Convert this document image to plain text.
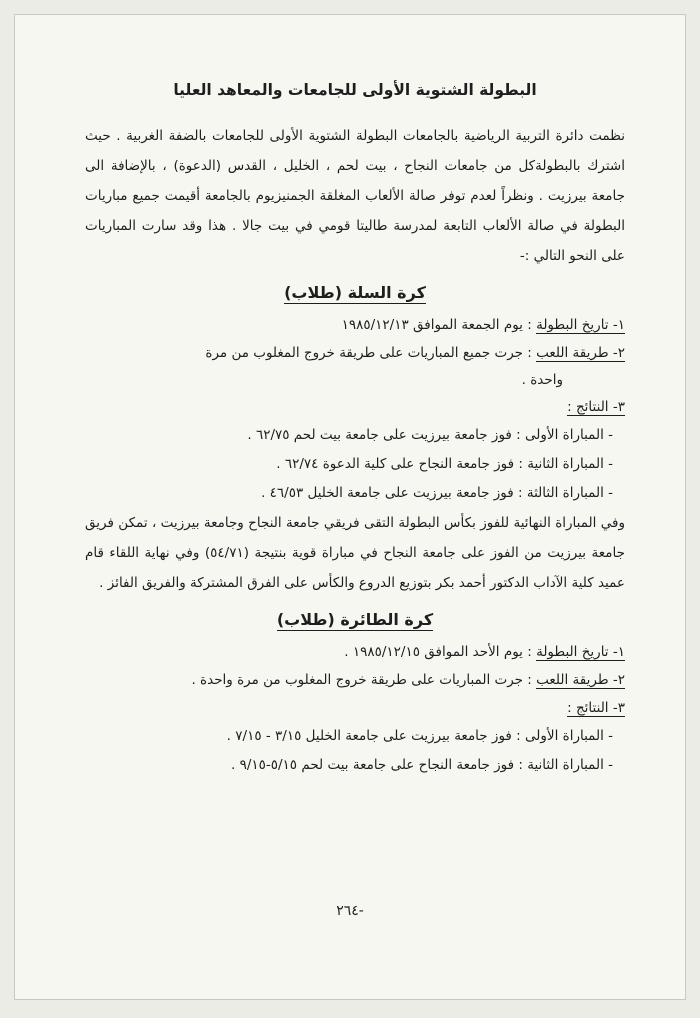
البطولة الشتوية الأولى للجامعات والمعاهد العليا

نظمت دائرة التربية الرياضية بالجامعات البطولة الشتوية الأولى للجامعات بالضفة الغربية . حيث اشترك بالبطولةكل من جامعات النجاح ، بيت لحم ، الخليل ، القدس (الدعوة) ، بالإضافة الى جامعة بيرزيت . ونظراً لعدم توفر صالة الألعاب المغلقة الجمنيزيوم بالجامعة أقيمت جميع مباريات البطولة في صالة الألعاب التابعة لمدرسة طاليتا قومي في بيت جالا . هذا وقد سارت المباريات على النحو التالي :-

كرة السلة (طلاب)

١- تاريخ البطولة : يوم الجمعة الموافق ١٩٨٥/١٢/١٣

٢- طريقة اللعب : جرت جميع المباريات على طريقة خروج المغلوب من مرة

واحدة .

٣- النتائج :

- المباراة الأولى : فوز جامعة بيرزيت على جامعة بيت لحم ٦٢/٧٥ .

- المباراة الثانية : فوز جامعة النجاح على كلية الدعوة ٦٢/٧٤ .

- المباراة الثالثة : فوز جامعة بيرزيت على جامعة الخليل ٤٦/٥٣ .

وفي المباراة النهائية للفوز بكأس البطولة التقى فريقي جامعة النجاح وجامعة بيرزيت ، تمكن فريق جامعة بيرزيت من الفوز على جامعة النجاح في مباراة قوية بنتيجة (٥٤/٧١) وفي نهاية اللقاء قام عميد كلية الآداب الدكتور أحمد بكر بتوزيع الدروع والكأس على الفرق المشتركة والفريق الفائز .

كرة الطائرة (طلاب)

١- تاريخ البطولة : يوم الأحد الموافق ١٩٨٥/١٢/١٥ .

٢- طريقة اللعب : جرت المباريات على طريقة خروج المغلوب من مرة واحدة .

٣- النتائج :

- المباراة الأولى : فوز جامعة بيرزيت على جامعة الخليل ٣/١٥ - ٧/١٥ .

- المباراة الثانية : فوز جامعة النجاح على جامعة بيت لحم ٥/١٥-٩/١٥ .

-٢٦٤
